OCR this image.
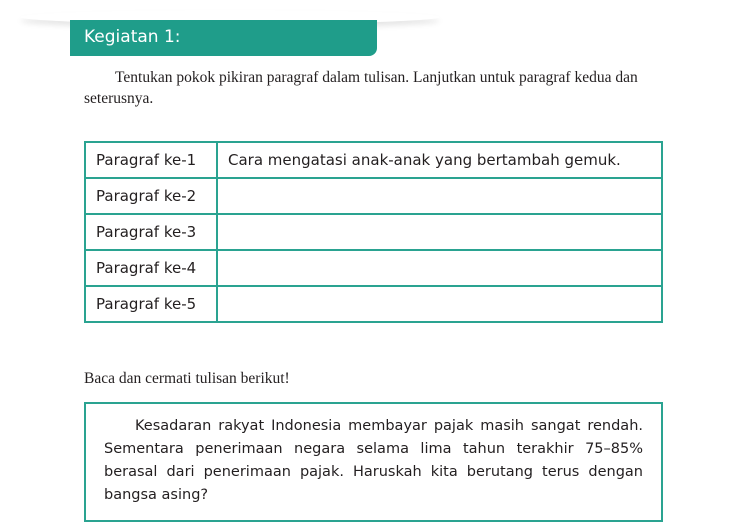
Kegiatan 1:

Tentukan pokok pikiran paragraf dalam tulisan. Lanjutkan untuk paragraf kedua dan seterusnya.

Paragraf ke-1	Cara mengatasi anak-anak yang bertambah gemuk.
Paragraf ke-2	
Paragraf ke-3	
Paragraf ke-4	
Paragraf ke-5	

Baca dan cermati tulisan berikut!

Kesadaran rakyat Indonesia membayar pajak masih sangat rendah. Sementara penerimaan negara selama lima tahun terakhir 75–85% berasal dari penerimaan pajak. Haruskah kita berutang terus dengan bangsa asing?
